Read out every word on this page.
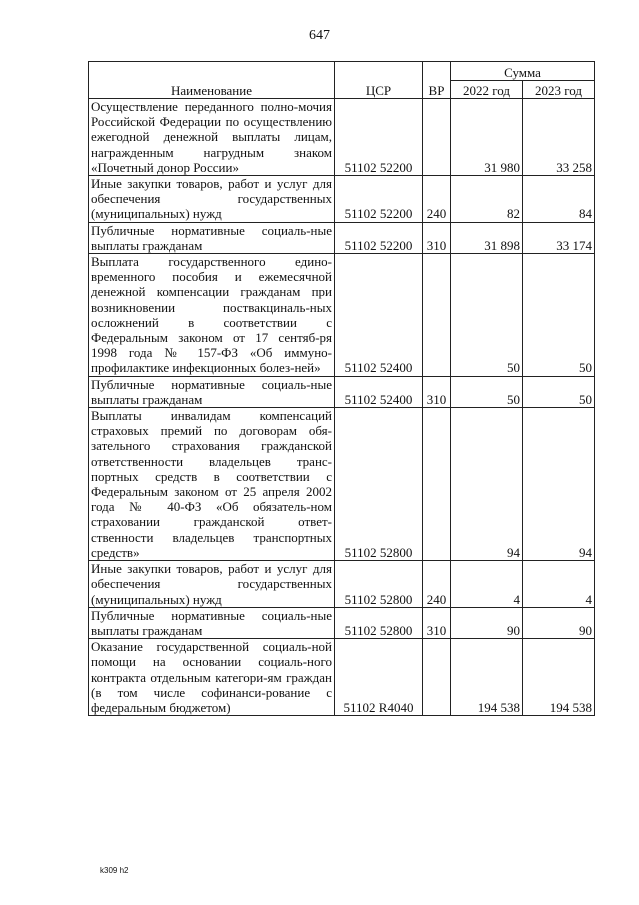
647
Наименование	ЦСР	ВР	Сумма	
			2022 год	2023 год
Осуществление переданного полно-мочия Российской Федерации по осуществлению ежегодной денежной выплаты лицам, награжденным нагрудным знаком «Почетный донор России»	51102 52200		31 980	33 258
Иные закупки товаров, работ и услуг для обеспечения государственных (муниципальных) нужд	51102 52200	240	82	84
Публичные нормативные социаль-ные выплаты гражданам	51102 52200	310	31 898	33 174
Выплата государственного едино-временного пособия и ежемесячной денежной компенсации гражданам при возникновении поствакциналь-ных осложнений в соответствии с Федеральным законом от 17 сентяб-ря 1998 года № 157-ФЗ «Об иммуно-профилактике инфекционных болез-ней»	51102 52400		50	50
Публичные нормативные социаль-ные выплаты гражданам	51102 52400	310	50	50
Выплаты инвалидам компенсаций страховых премий по договорам обя-зательного страхования гражданской ответственности владельцев транс-портных средств в соответствии с Федеральным законом от 25 апреля 2002 года № 40-ФЗ «Об обязатель-ном страховании гражданской ответ-ственности владельцев транспортных средств»	51102 52800		94	94
Иные закупки товаров, работ и услуг для обеспечения государственных (муниципальных) нужд	51102 52800	240	4	4
Публичные нормативные социаль-ные выплаты гражданам	51102 52800	310	90	90
Оказание государственной социаль-ной помощи на основании социаль-ного контракта отдельным категори-ям граждан (в том числе софинанси-рование с федеральным бюджетом)	51102 R4040		194 538	194 538
k309 h2
